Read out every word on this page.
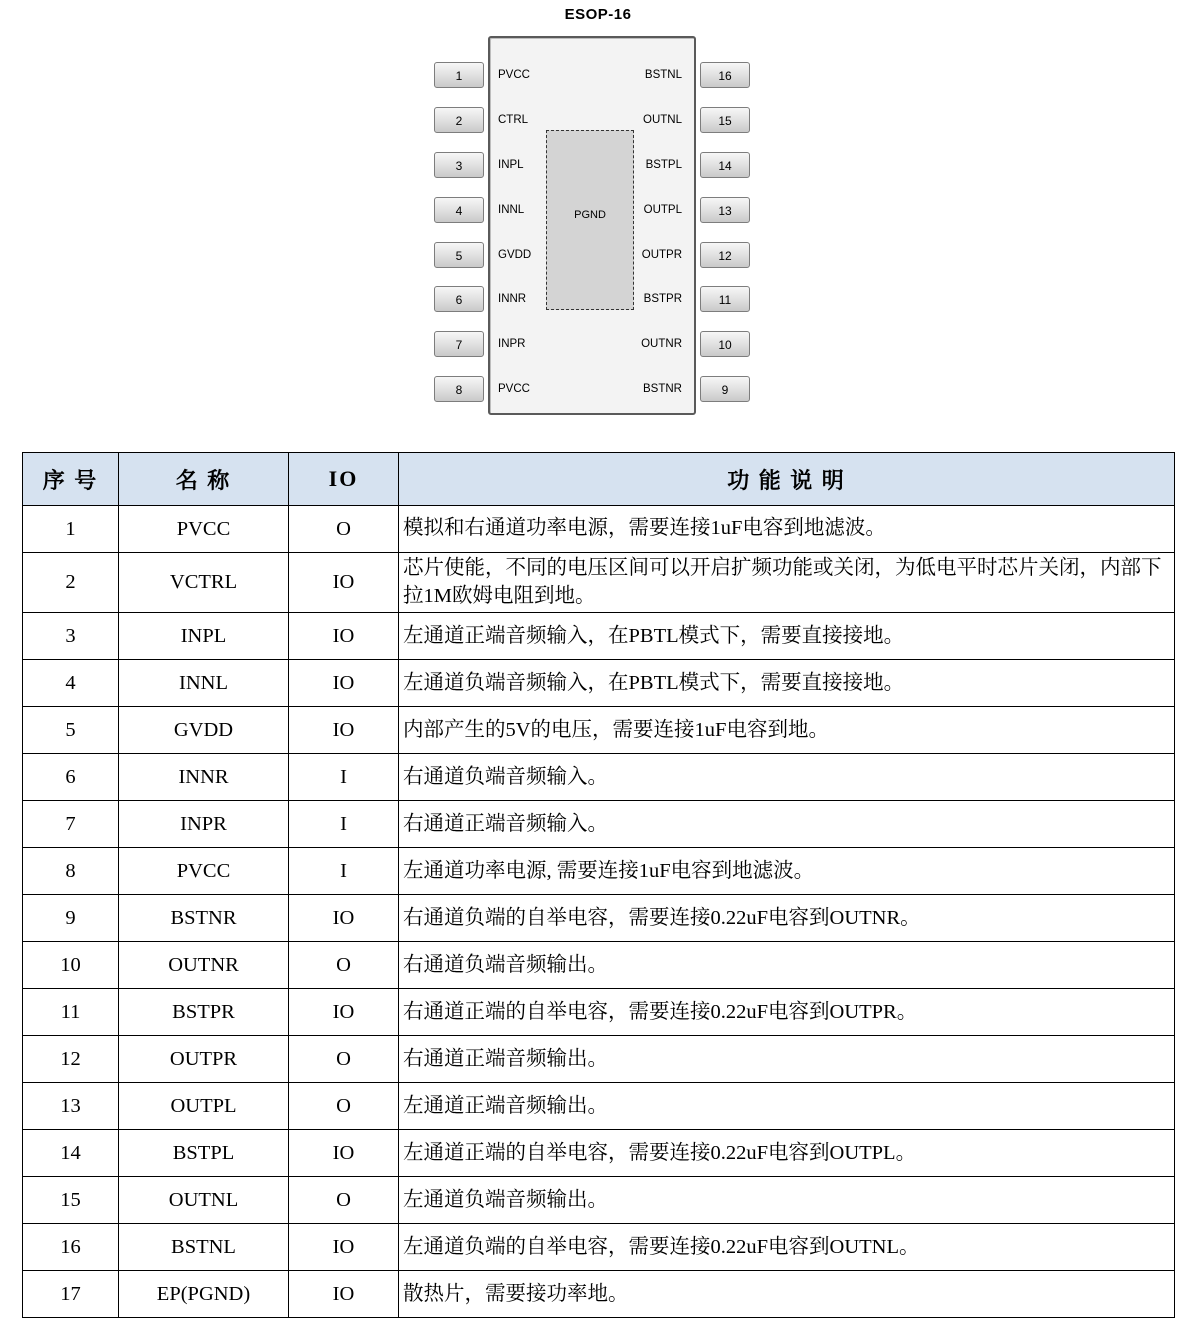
ESOP-16
PGND
1
2
3
4
5
6
7
8
PVCC
CTRL
INPL
INNL
GVDD
INNR
INPR
PVCC
16
15
14
13
12
11
10
9
BSTNL
OUTNL
BSTPL
OUTPL
OUTPR
BSTPR
OUTNR
BSTNR
序 号	名 称	IO	功 能 说 明
1	PVCC	O	模拟和右通道功率电源，需要连接1uF电容到地滤波。
2	VCTRL	IO	芯片使能，不同的电压区间可以开启扩频功能或关闭，为低电平时芯片关闭，内部下拉1M欧姆电阻到地。
3	INPL	IO	左通道正端音频输入，在PBTL模式下，需要直接接地。
4	INNL	IO	左通道负端音频输入，在PBTL模式下，需要直接接地。
5	GVDD	IO	内部产生的5V的电压，需要连接1uF电容到地。
6	INNR	I	右通道负端音频输入。
7	INPR	I	右通道正端音频输入。
8	PVCC	I	左通道功率电源, 需要连接1uF电容到地滤波。
9	BSTNR	IO	右通道负端的自举电容，需要连接0.22uF电容到OUTNR。
10	OUTNR	O	右通道负端音频输出。
11	BSTPR	IO	右通道正端的自举电容，需要连接0.22uF电容到OUTPR。
12	OUTPR	O	右通道正端音频输出。
13	OUTPL	O	左通道正端音频输出。
14	BSTPL	IO	左通道正端的自举电容，需要连接0.22uF电容到OUTPL。
15	OUTNL	O	左通道负端音频输出。
16	BSTNL	IO	左通道负端的自举电容，需要连接0.22uF电容到OUTNL。
17	EP(PGND)	IO	散热片，需要接功率地。
